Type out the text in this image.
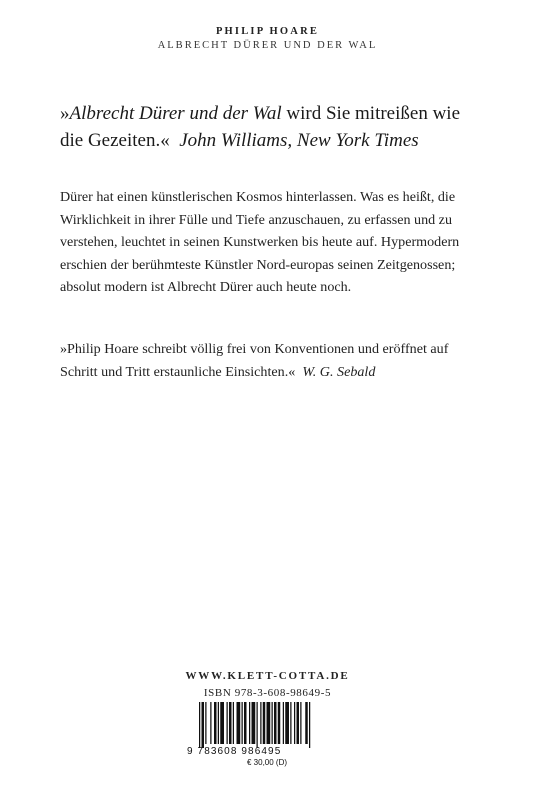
PHILIP HOARE
ALBRECHT DÜRER UND DER WAL
»Albrecht Dürer und der Wal wird Sie mitreißen wie die Gezeiten.« John Williams, New York Times
Dürer hat einen künstlerischen Kosmos hinterlassen. Was es heißt, die Wirklichkeit in ihrer Fülle und Tiefe anzuschauen, zu erfassen und zu verstehen, leuchtet in seinen Kunstwerken bis heute auf. Hypermodern erschien der berühmteste Künstler Nord-europas seinen Zeitgenossen; absolut modern ist Albrecht Dürer auch heute noch.
»Philip Hoare schreibt völlig frei von Konventionen und eröffnet auf Schritt und Tritt erstaunliche Einsichten.« W. G. Sebald
WWW.KLETT-COTTA.DE
ISBN 978-3-608-98649-5
9 783608 986495
€ 30,00 (D)
